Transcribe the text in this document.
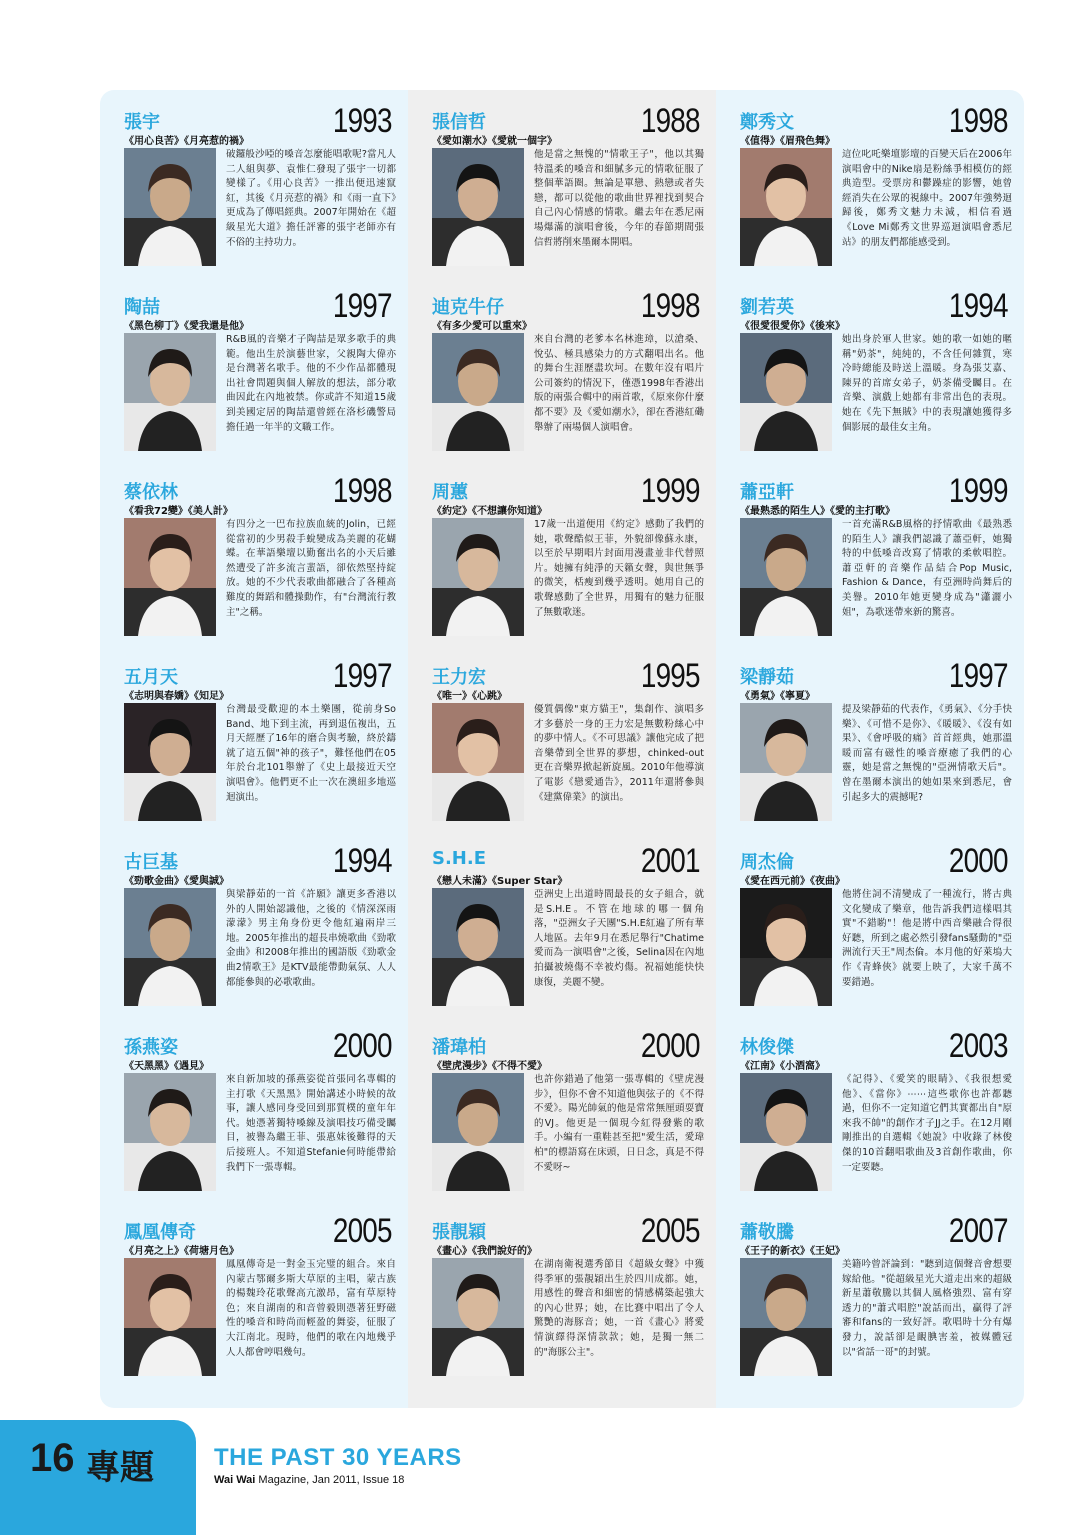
張宇
《用心良苦》《月亮惹的禍》
1993
破鑼般沙啞的嗓音怎麼能唱歌呢?當凡人二人組與夢、袁惟仁發現了張宇一切都變樣了。《用心良苦》一推出便迅速竄紅，其後《月亮惹的禍》和《雨一直下》更成為了傳唱經典。2007年開始在《超級星光大道》擔任評審的張宇老師亦有不俗的主持功力。
陶喆
《黑色柳丁》《愛我還是他》
1997
R&B風的音樂才子陶喆是眾多歌手的典範。他出生於演藝世家，父親陶大偉亦是台灣著名歌手。他的不少作品都體現出社會問題與個人解放的想法，部分歌曲因此在內地被禁。你或許不知道15歲到美國定居的陶喆還曾經在洛杉磯警局擔任過一年半的文職工作。
蔡依林
《看我72變》《美人計》
1998
有四分之一巴布拉族血統的Jolin，已經從當初的少男殺手蛻變成為美麗的花蝴蝶。在華語樂壇以勤奮出名的小天后雖然遭受了許多流言蜚語，卻依然堅持綻放。她的不少代表歌曲都融合了各種高難度的舞蹈和體操動作，有"台灣流行教主"之稱。
五月天
《志明與春嬌》《知足》
1997
台灣最受歡迎的本土樂團，從前身So Band、地下到主流，再到退伍複出，五月天經歷了16年的磨合與考驗，終於鑄就了這五個"神的孩子"，難怪他們在05年於台北101舉辦了《史上最接近天空演唱會》。他們更不止一次在澳紐多地巡迴演出。
古巨基
《勁歌金曲》《愛與誠》
1994
與梁靜茹的一首《許願》讓更多香港以外的人開始認識他，之後的《情深深雨濛濛》男主角身份更令他紅遍兩岸三地。2005年推出的超長串燒歌曲《勁歌金曲》和2008年推出的國語版《勁歌金曲2情歌王》是KTV最能帶動氣氛、人人都能參與的必歌歌曲。
孫燕姿
《天黑黑》《遇見》
2000
來自新加坡的孫燕姿從首張同名專輯的主打歌《天黑黑》開始講述小時候的故事，讓人感同身受回到那質樸的童年年代。她憑著獨特嗓線及演唱技巧備受矚目，被譽為繼王菲、張惠妹後難得的天后接班人。不知道Stefanie何時能帶給我們下一張專輯。
鳳凰傳奇
《月亮之上》《荷塘月色》
2005
鳳凰傳奇是一對金玉完璧的組合。來自內蒙古鄂爾多斯大草原的主唱，蒙古族的楊魏玲花歌聲高亢激昂，富有草原特色；來自湖南的和音曾毅則憑著狂野磁性的嗓音和時尚而輕盈的舞姿，征服了大江南北。現時，他們的歌在內地幾乎人人都會哼唱幾句。
張信哲
《愛如潮水》《愛就一個字》
1988
他是當之無愧的"情歌王子"，他以其獨特溫柔的嗓音和細膩多元的情歌征服了整個華語圈。無論是單戀、熱戀或者失戀，都可以從他的歌曲世界裡找到契合自己內心情感的情歌。繼去年在悉尼兩場爆滿的演唱會後，今年的春節期間張信哲將削來墨爾本開唱。
迪克牛仔
《有多少愛可以重來》
1998
來自台灣的老爹本名林進璋，以滄桑、悅弘、極具感染力的方式翻唱出名。他的舞台生涯歷盡坎坷。在數年沒有唱片公司簽約的情況下，僅憑1998年香港出版的兩張合輯中的兩首歌，《原來你什麼都不要》及《愛如潮水》，卻在香港紅磡舉辦了兩場個人演唱會。
周蕙
《約定》《不想讓你知道》
1999
17歲一出道便用《約定》感動了我們的她，歌聲酷似王菲，外貌卻像蘇永康，以至於早期唱片封面用漫畫並非代替照片。她擁有純淨的天籟女聲，與世無爭的微笑，栝瘦到幾乎透明。她用自己的歌聲感動了全世界，用獨有的魅力征服了無數歌迷。
王力宏
《唯一》《心跳》
1995
優質偶像"東方貓王"，集創作、演唱多才多藝於一身的王力宏是無數粉絲心中的夢中情人。《不可思議》讓他完成了把音樂帶到全世界的夢想，chinked-out更在音樂界掀起新旋風。2010年他導演了電影《戀愛通告》，2011年還將參與《建黨偉業》的演出。
S.H.E
《戀人未滿》《Super Star》
2001
亞洲史上出道時間最長的女子組合，就是S.H.E。不管在地球的哪一個角落，"亞洲女子天團"S.H.E紅遍了所有華人地區。去年9月在悉尼舉行"Chatime愛而為一演唱會"之後，Selina因在內地拍攝被燒傷不幸被灼傷。祝福她能快快康復，美麗不變。
潘瑋柏
《壁虎漫步》《不得不愛》
2000
也許你錯過了他第一張專輯的《壁虎漫步》，但你不會不知道他與弦子的《不得不愛》。陽光帥氣的他是常常無厘頭耍寶的VJ。他更是一個現今紅得發紫的歌手。小編有一重鞋甚至把"愛生活，愛瑋柏"的標語寫在床頭，日日念，真是不得不愛呀~
張靚穎
《畫心》《我們說好的》
2005
在湖南衛視選秀節目《超級女聲》中獲得季軍的張靚穎出生於四川成都。她，用感性的聲音和細密的情感構築起強大的內心世界；她，在比賽中唱出了令人驚艷的海豚音；她，一首《畫心》將愛情演繹得深情款款；她，是獨一無二的"海豚公主"。
鄭秀文
《值得》《眉飛色舞》
1998
這位叱吒樂壇影壇的百變天后在2006年演唱會中的Nike扇是粉絲爭相模仿的經典造型。受票房和鬱躁症的影響，她曾經消失在公眾的視線中。2007年強勢迴歸後，鄭秀文魅力未減，相信看過《Love Mi鄭秀文世界巡迴演唱會悉尼站》的朋友們都能感受到。
劉若英
《很愛很愛你》《後來》
1994
她出身於軍人世家。她的歌一如她的暱稱"奶茶"，純純的，不含任何雜質，寒冷時總能及時送上溫暖。身為張艾嘉、陳昇的首席女弟子，奶茶備受矚目。在音樂、演戲上她都有非常出色的表現。她在《先下無賊》中的表現讓她獲得多個影展的最佳女主角。
蕭亞軒
《最熟悉的陌生人》《愛的主打歌》
1999
一首充滿R&B風格的抒情歌曲《最熟悉的陌生人》讓我們認識了蕭亞軒，她獨特的中低嗓音改寫了情歌的柔軟唱腔。蕭亞軒的音樂作品結合Pop Music, Fashion & Dance，有亞洲時尚舞后的美譽。2010年她更變身成為"瀟灑小姐"，為歌迷帶來新的驚喜。
梁靜茹
《勇氣》《寧夏》
1997
提及梁靜茹的代表作，《勇氣》、《分手快樂》、《可惜不是你》、《暖暖》、《沒有如果》、《會呼吸的痛》首首經典，她那溫暖而富有磁性的嗓音療癒了我們的心靈，她是當之無愧的"亞洲情歌天后"。曾在墨爾本演出的她如果來到悉尼，會引起多大的震撼呢?
周杰倫
《愛在西元前》《夜曲》
2000
他將住詞不清變成了一種流行，將古典文化變成了樂章，他告訴我們這樣唱其實"不錯喲"！他是將中西音樂融合得很好聽，所到之處必然引發fans騷動的"亞洲流行天王"周杰倫。本月他的好萊塢大作《青蜂俠》就要上映了，大家千萬不要錯過。
林俊傑
《江南》《小酒窩》
2003
《記得》、《愛笑的眼睛》、《我很想愛他》、《當你》⋯⋯這些歌你也許都聽過，但你不一定知道它們其實都出自"原來我不帥"的創作才子JJ之手。在12月剛剛推出的自選輯《她說》中收錄了林俊傑的10首翻唱歌曲及3首創作歌曲，你一定要聽。
蕭敬騰
《王子的新衣》《王妃》
2007
美籍吟曾評論到："聽到這個聲音會想要嫁給他。"從超級星光大道走出來的超級新星蕭敬騰以其個人風格強烈、富有穿透力的"蕭式唱腔"說話而出，贏得了評審和fans的一致好評。歌唱時十分有爆發力，說話卻是靦腆害羞，被媒體冠以"省話一哥"的封號。
16 專題	THE PAST 30 YEARS
Wai Wai Magazine, Jan 2011, Issue 18
